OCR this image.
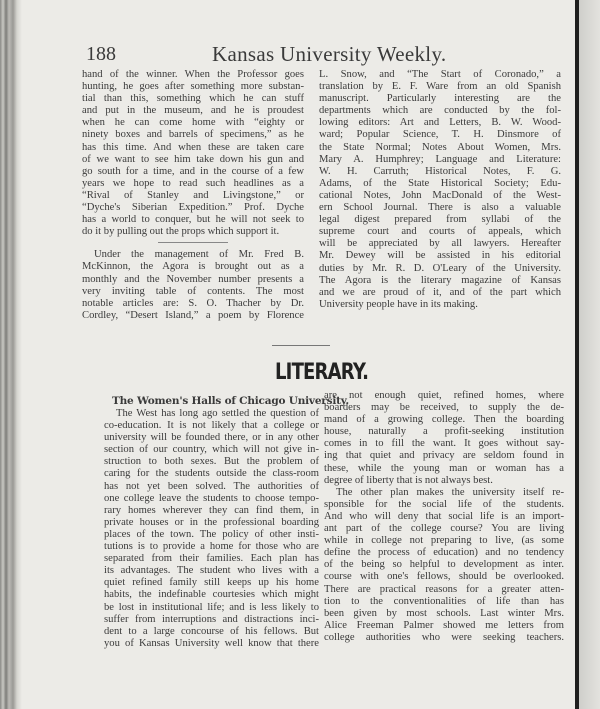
188	Kansas University Weekly.
hand of the winner. When the Professor goes
hunting, he goes after something more substan-
tial than this, something which he can stuff
and put in the museum, and he is proudest
when he can come home with “eighty or
ninety boxes and barrels of specimens,” as he
has this time. And when these are taken care
of we want to see him take down his gun and
go south for a time, and in the course of a few
years we hope to read such headlines as a
“Rival of Stanley and Livingstone,” or
“Dyche's Siberian Expedition.” Prof. Dyche
has a world to conquer, but he will not seek to
do it by pulling out the props which support it.
Under the management of Mr. Fred B.
McKinnon, the Agora is brought out as a
monthly and the November number presents a
very inviting table of contents. The most
notable articles are: S. O. Thacher by Dr.
Cordley, “Desert Island,” a poem by Florence
L. Snow, and “The Start of Coronado,” a
translation by E. F. Ware from an old Spanish
manuscript. Particularly interesting are the
departments which are conducted by the fol-
lowing editors: Art and Letters, B. W. Wood-
ward; Popular Science, T. H. Dinsmore of
the State Normal; Notes About Women, Mrs.
Mary A. Humphrey; Language and Literature:
W. H. Carruth; Historical Notes, F. G.
Adams, of the State Historical Society; Edu-
cational Notes, John MacDonald of the West-
ern School Journal. There is also a valuable
legal digest prepared from syllabi of the
supreme court and courts of appeals, which
will be appreciated by all lawyers. Hereafter
Mr. Dewey will be assisted in his editorial
duties by Mr. R. D. O'Leary of the University.
The Agora is the literary magazine of Kansas
and we are proud of it, and of the part which
University people have in its making.
LITERARY.
The Women's Halls of Chicago University.
The West has long ago settled the question of
co-education. It is not likely that a college or
university will be founded there, or in any other
section of our country, which will not give in-
struction to both sexes. But the problem of
caring for the students outside the class-room
has not yet been solved. The authorities of
one college leave the students to choose tempo-
rary homes wherever they can find them, in
private houses or in the professional boarding
places of the town. The policy of other insti-
tutions is to provide a home for those who are
separated from their families. Each plan has
its advantages. The student who lives with a
quiet refined family still keeps up his home
habits, the indefinable courtesies which might
be lost in institutional life; and is less likely to
suffer from interruptions and distractions inci-
dent to a large concourse of his fellows. But
you of Kansas University well know that there
are not enough quiet, refined homes, where
boarders may be received, to supply the de-
mand of a growing college. Then the boarding
house, naturally a profit-seeking institution
comes in to fill the want. It goes without say-
ing that quiet and privacy are seldom found in
these, while the young man or woman has a
degree of liberty that is not always best.
The other plan makes the university itself re-
sponsible for the social life of the students.
And who will deny that social life is an import-
ant part of the college course? You are living
while in college not preparing to live, (as some
define the process of education) and no tendency
of the being so helpful to development as inter.
course with one's fellows, should be overlooked.
There are practical reasons for a greater atten-
tion to the conventionalities of life than has
been given by most schools. Last winter Mrs.
Alice Freeman Palmer showed me letters from
college authorities who were seeking teachers.
